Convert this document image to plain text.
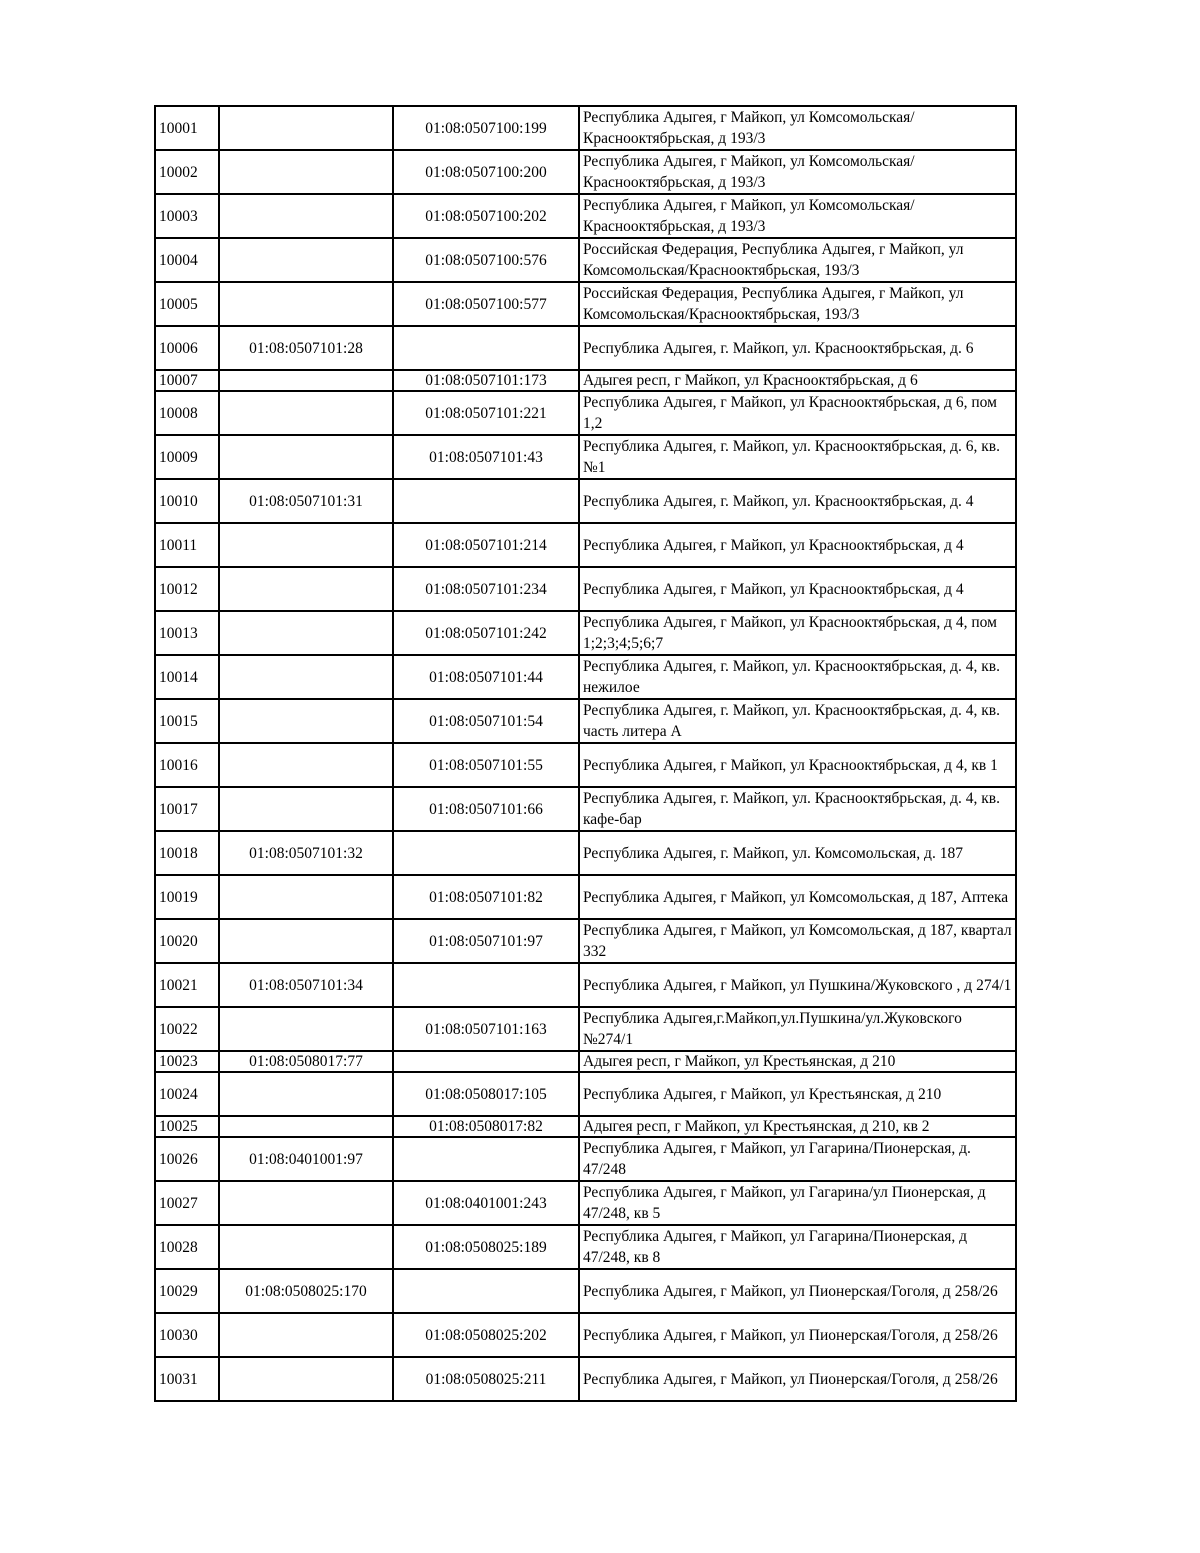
10001		01:08:0507100:199	Республика Адыгея, г Майкоп, ул Комсомольская/Краснооктябрьская, д 193/3
10002		01:08:0507100:200	Республика Адыгея, г Майкоп, ул Комсомольская/Краснооктябрьская, д 193/3
10003		01:08:0507100:202	Республика Адыгея, г Майкоп, ул Комсомольская/Краснооктябрьская, д 193/3
10004		01:08:0507100:576	Российская Федерация, Республика Адыгея, г Майкоп, ул Комсомольская/Краснооктябрьская, 193/3
10005		01:08:0507100:577	Российская Федерация, Республика Адыгея, г Майкоп, ул Комсомольская/Краснооктябрьская, 193/3
10006	01:08:0507101:28		Республика Адыгея, г. Майкоп, ул. Краснооктябрьская, д. 6
10007		01:08:0507101:173	Адыгея респ, г Майкоп, ул Краснооктябрьская, д 6
10008		01:08:0507101:221	Республика Адыгея, г Майкоп, ул Краснооктябрьская, д 6, пом 1,2
10009		01:08:0507101:43	Республика Адыгея, г. Майкоп, ул. Краснооктябрьская, д. 6, кв. №1
10010	01:08:0507101:31		Республика Адыгея, г. Майкоп, ул. Краснооктябрьская, д. 4
10011		01:08:0507101:214	Республика Адыгея, г Майкоп, ул Краснооктябрьская, д 4
10012		01:08:0507101:234	Республика Адыгея, г Майкоп, ул Краснооктябрьская, д 4
10013		01:08:0507101:242	Республика Адыгея, г Майкоп, ул Краснооктябрьская, д 4, пом 1;2;3;4;5;6;7
10014		01:08:0507101:44	Республика Адыгея, г. Майкоп, ул. Краснооктябрьская, д. 4, кв. нежилое
10015		01:08:0507101:54	Республика Адыгея, г. Майкоп, ул. Краснооктябрьская, д. 4, кв. часть литера А
10016		01:08:0507101:55	Республика Адыгея, г Майкоп, ул Краснооктябрьская, д 4, кв 1
10017		01:08:0507101:66	Республика Адыгея, г. Майкоп, ул. Краснооктябрьская, д. 4, кв. кафе-бар
10018	01:08:0507101:32		Республика Адыгея, г. Майкоп, ул. Комсомольская, д. 187
10019		01:08:0507101:82	Республика Адыгея, г Майкоп, ул Комсомольская, д 187, Аптека
10020		01:08:0507101:97	Республика Адыгея, г Майкоп, ул Комсомольская, д 187, квартал 332
10021	01:08:0507101:34		Республика Адыгея, г Майкоп, ул Пушкина/Жуковского , д 274/1
10022		01:08:0507101:163	Республика Адыгея,г.Майкоп,ул.Пушкина/ул.Жуковского №274/1
10023	01:08:0508017:77		Адыгея респ, г Майкоп, ул Крестьянская, д 210
10024		01:08:0508017:105	Республика Адыгея, г Майкоп, ул Крестьянская, д 210
10025		01:08:0508017:82	Адыгея респ, г Майкоп, ул Крестьянская, д 210, кв 2
10026	01:08:0401001:97		Республика Адыгея, г Майкоп, ул Гагарина/Пионерская, д. 47/248
10027		01:08:0401001:243	Республика Адыгея, г Майкоп, ул Гагарина/ул Пионерская, д 47/248, кв 5
10028		01:08:0508025:189	Республика Адыгея, г Майкоп, ул Гагарина/Пионерская, д 47/248, кв 8
10029	01:08:0508025:170		Республика Адыгея, г Майкоп, ул Пионерская/Гоголя, д 258/26
10030		01:08:0508025:202	Республика Адыгея, г Майкоп, ул Пионерская/Гоголя, д 258/26
10031		01:08:0508025:211	Республика Адыгея, г Майкоп, ул Пионерская/Гоголя, д 258/26
